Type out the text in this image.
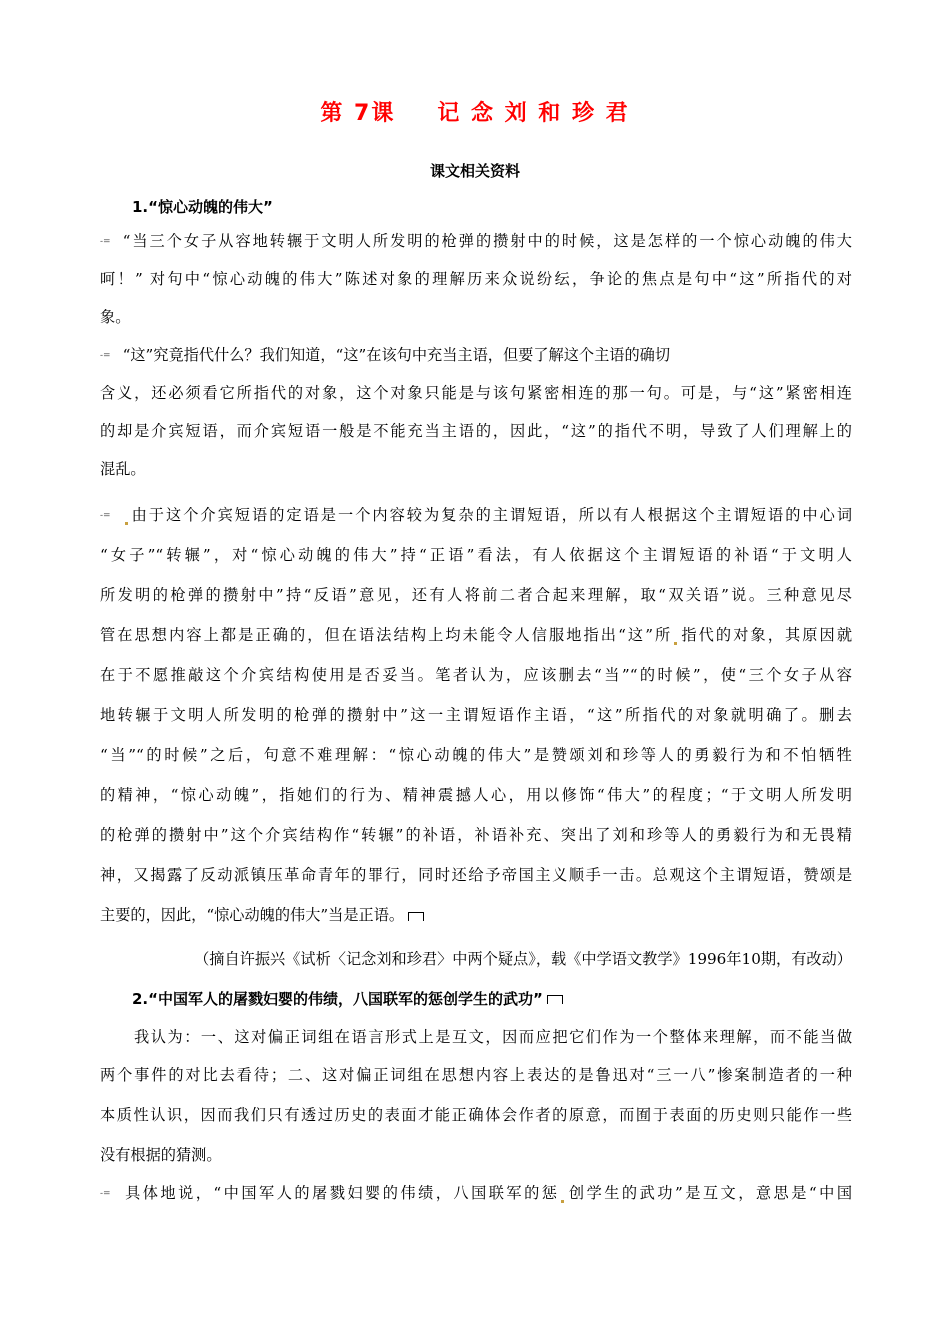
第 7课 记 念 刘 和 珍 君
课文相关资料
1.“惊心动魄的伟大”
-= “当三个女子从容地转辗于文明人所发明的枪弹的攒射中的时候，这是怎样的一个惊心动魄的伟大
呵！” 对句中“惊心动魄的伟大”陈述对象的理解历来众说纷纭，争论的焦点是句中“这”所指代的对
象。
-= “这”究竟指代什么？我们知道，“这”在该句中充当主语，但要了解这个主语的确切
含义，还必须看它所指代的对象，这个对象只能是与该句紧密相连的那一句。可是，与“这”紧密相连
的却是介宾短语，而介宾短语一般是不能充当主语的，因此，“这”的指代不明，导致了人们理解上的
混乱。
-= 由于这个介宾短语的定语是一个内容较为复杂的主谓短语，所以有人根据这个主谓短语的中心词
“女子”“转辗”，对“惊心动魄的伟大”持“正语”看法，有人依据这个主谓短语的补语“于文明人
所发明的枪弹的攒射中”持“反语”意见，还有人将前二者合起来理解，取“双关语”说。三种意见尽
管在思想内容上都是正确的，但在语法结构上均未能令人信服地指出“这”所 指代的对象，其原因就
在于不愿推敲这个介宾结构使用是否妥当。笔者认为，应该删去“当”“的时候”，使“三个女子从容
地转辗于文明人所发明的枪弹的攒射中”这一主谓短语作主语，“这”所指代的对象就明确了。删去
“当”“的时候”之后，句意不难理解：“惊心动魄的伟大”是赞颂刘和珍等人的勇毅行为和不怕牺牲
的精神，“惊心动魄”，指她们的行为、精神震撼人心，用以修饰“伟大”的程度；“于文明人所发明
的枪弹的攒射中”这个介宾结构作“转辗”的补语，补语补充、突出了刘和珍等人的勇毅行为和无畏精
神，又揭露了反动派镇压革命青年的罪行，同时还给予帝国主义顺手一击。总观这个主谓短语，赞颂是
主要的，因此，“惊心动魄的伟大”当是正语。
（摘自许振兴《试析〈记念刘和珍君〉中两个疑点》，载《中学语文教学》1996年10期，有改动）
2.“中国军人的屠戮妇婴的伟绩，八国联军的惩创学生的武功”
我认为：一、这对偏正词组在语言形式上是互文，因而应把它们作为一个整体来理解，而不能当做
两个事件的对比去看待；二、这对偏正词组在思想内容上表达的是鲁迅对“三一八”惨案制造者的一种
本质性认识，因而我们只有透过历史的表面才能正确体会作者的原意，而囿于表面的历史则只能作一些
没有根据的猜测。
-= 具体地说，“中国军人的屠戮妇婴的伟绩，八国联军的惩 创学生的武功”是互文，意思是“中国
